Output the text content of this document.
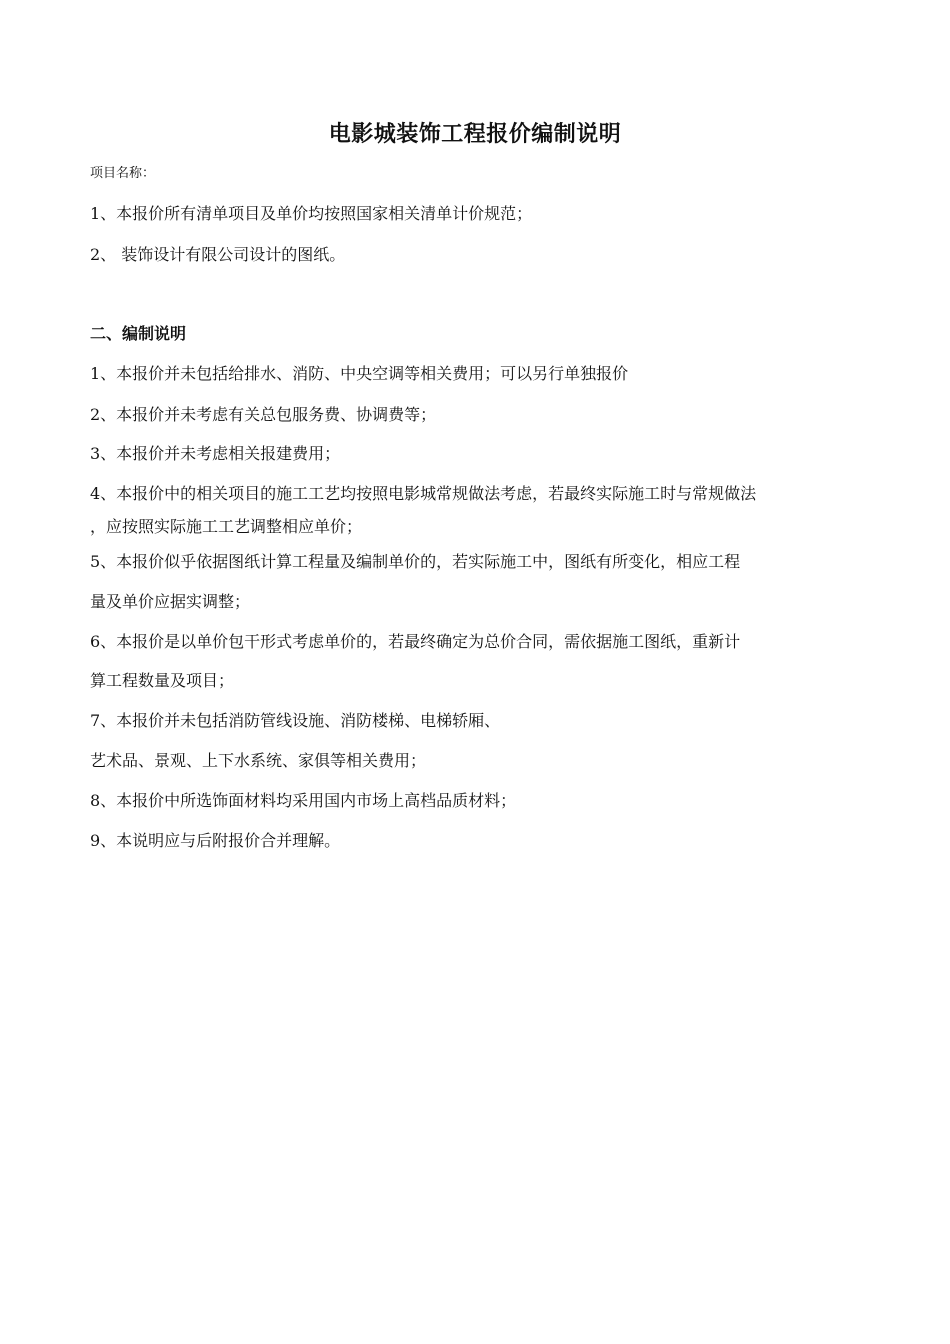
电影城装饰工程报价编制说明
项目名称：
1、本报价所有清单项目及单价均按照国家相关清单计价规范；
2、 装饰设计有限公司设计的图纸。
二、编制说明
1、本报价并未包括给排水、消防、中央空调等相关费用；可以另行单独报价
2、本报价并未考虑有关总包服务费、协调费等；
3、本报价并未考虑相关报建费用；
4、本报价中的相关项目的施工工艺均按照电影城常规做法考虑，若最终实际施工时与常规做法
，应按照实际施工工艺调整相应单价；
5、本报价似乎依据图纸计算工程量及编制单价的，若实际施工中，图纸有所变化，相应工程
量及单价应据实调整；
6、本报价是以单价包干形式考虑单价的，若最终确定为总价合同，需依据施工图纸，重新计
算工程数量及项目；
7、本报价并未包括消防管线设施、消防楼梯、电梯轿厢、
艺术品、景观、上下水系统、家俱等相关费用；
8、本报价中所选饰面材料均采用国内市场上高档品质材料；
9、本说明应与后附报价合并理解。
